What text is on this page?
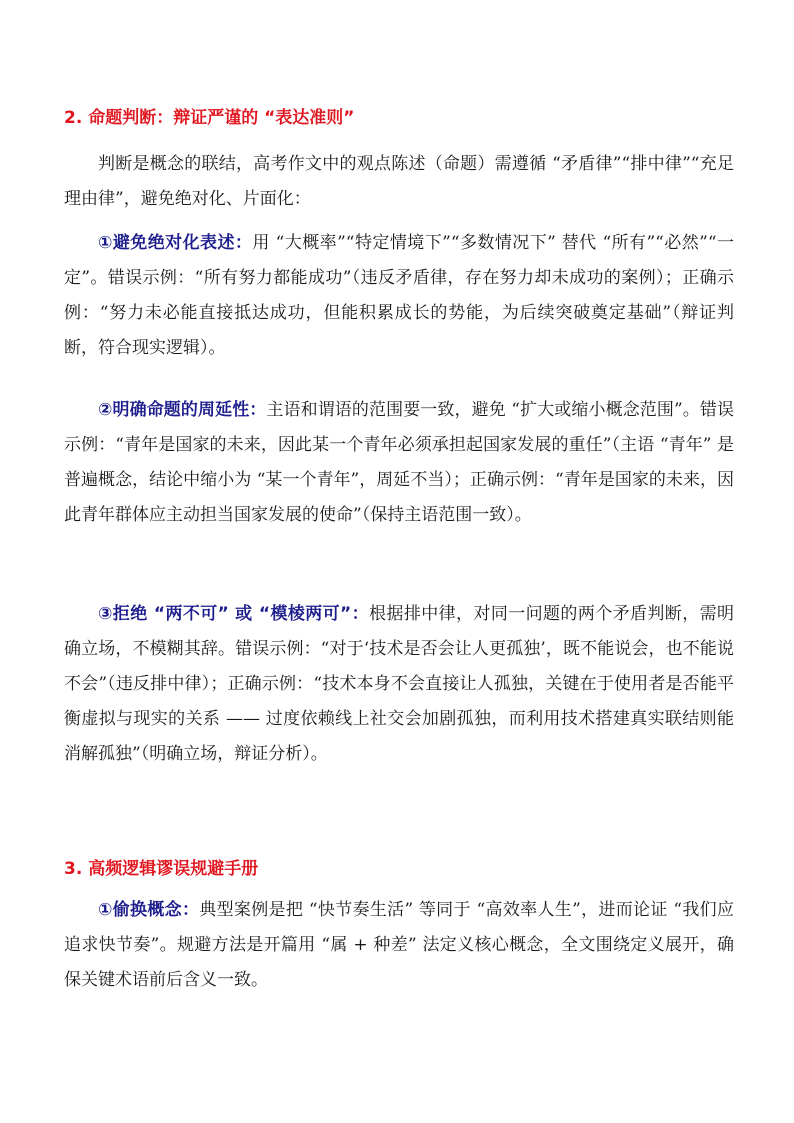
2. 命题判断：辩证严谨的 “表达准则”
判断是概念的联结，高考作文中的观点陈述（命题）需遵循 “矛盾律”“排中律”“充足理由律”，避免绝对化、片面化：
①避免绝对化表述：用 “大概率”“特定情境下”“多数情况下” 替代 “所有”“必然”“一定”。错误示例：“所有努力都能成功”（违反矛盾律，存在努力却未成功的案例）；正确示例：“努力未必能直接抵达成功，但能积累成长的势能，为后续突破奠定基础”（辩证判断，符合现实逻辑）。
②明确命题的周延性：主语和谓语的范围要一致，避免 “扩大或缩小概念范围”。错误示例：“青年是国家的未来，因此某一个青年必须承担起国家发展的重任”（主语 “青年” 是普遍概念，结论中缩小为 “某一个青年”，周延不当）；正确示例：“青年是国家的未来，因此青年群体应主动担当国家发展的使命”（保持主语范围一致）。
③拒绝 “两不可” 或 “模棱两可”：根据排中律，对同一问题的两个矛盾判断，需明确立场，不模糊其辞。错误示例：“对于‘技术是否会让人更孤独’，既不能说会，也不能说不会”（违反排中律）；正确示例：“技术本身不会直接让人孤独，关键在于使用者是否能平衡虚拟与现实的关系 —— 过度依赖线上社交会加剧孤独，而利用技术搭建真实联结则能消解孤独”（明确立场，辩证分析）。
3. 高频逻辑谬误规避手册
①偷换概念：典型案例是把 “快节奏生活” 等同于 “高效率人生”，进而论证 “我们应追求快节奏”。规避方法是开篇用 “属 + 种差” 法定义核心概念，全文围绕定义展开，确保关键术语前后含义一致。
